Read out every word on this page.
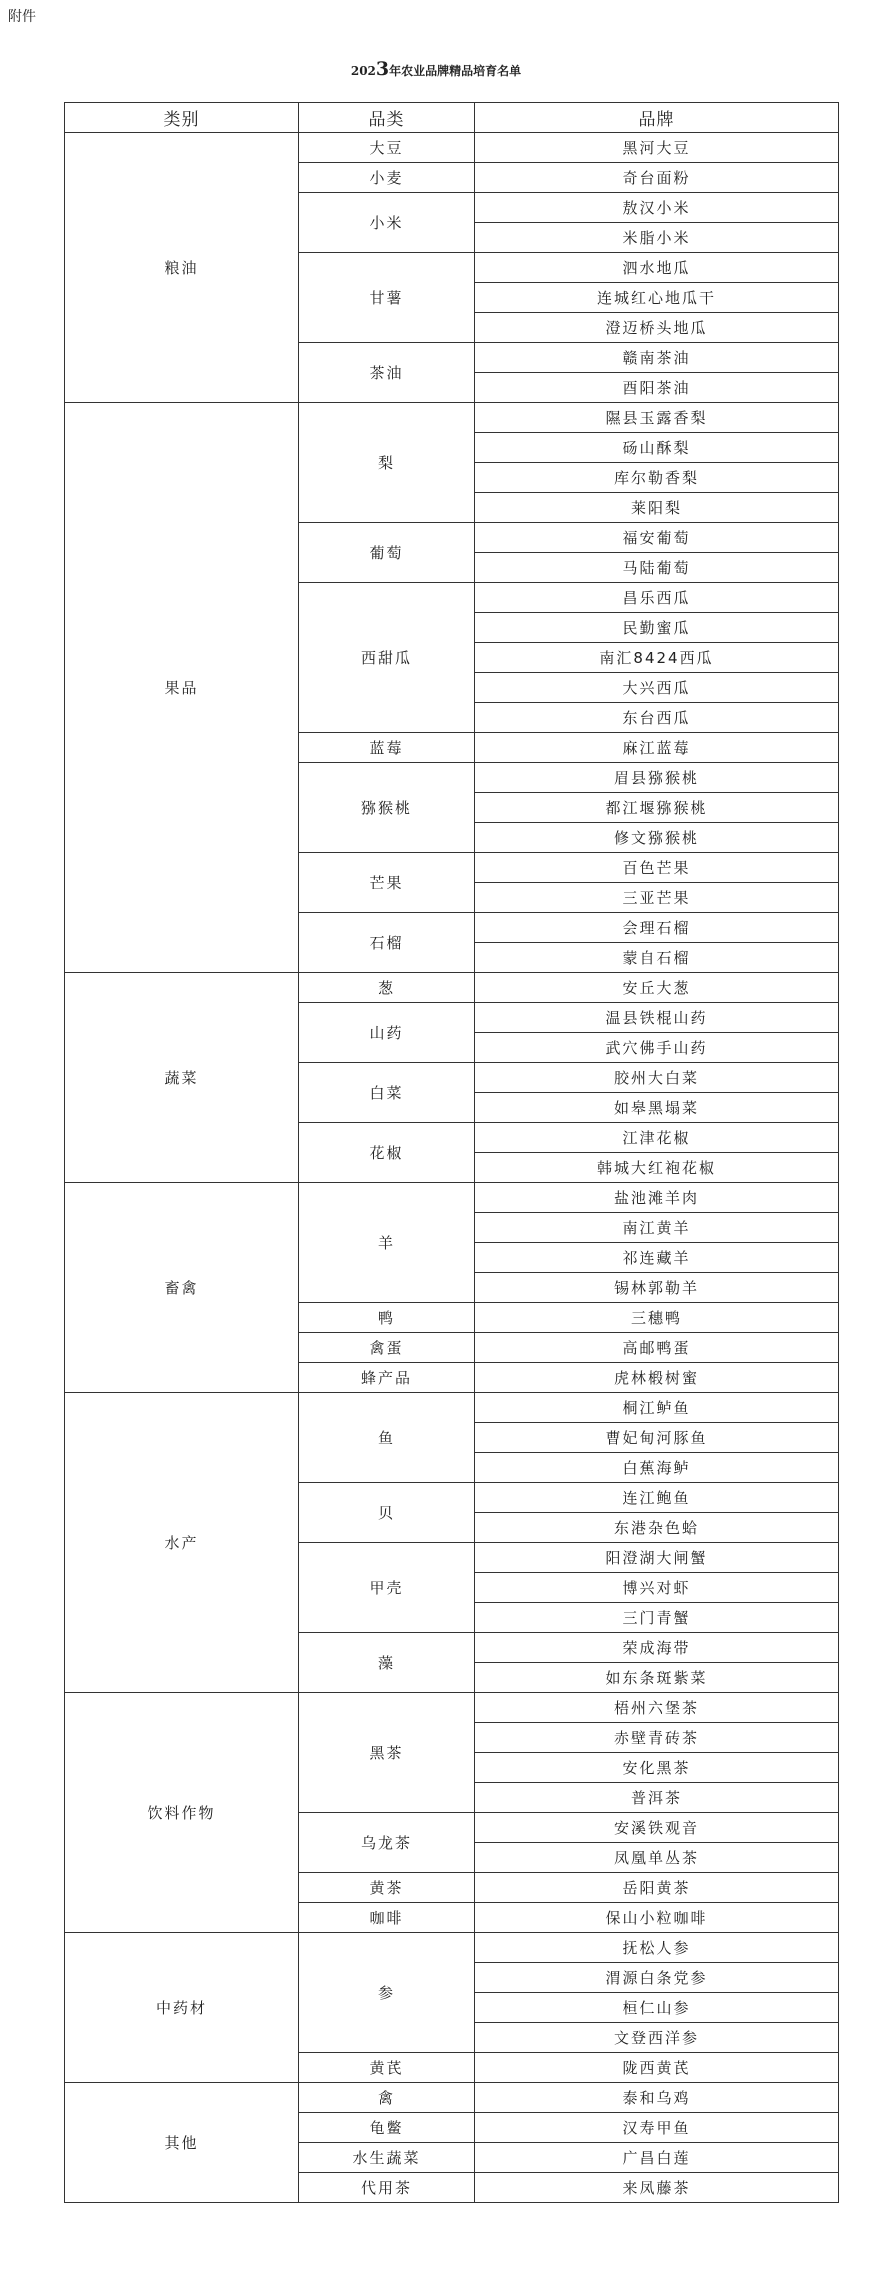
附件
2023年农业品牌精品培育名单
类别	品类	品牌
粮油	大豆	黑河大豆
	小麦	奇台面粉
	小米	敖汉小米
		米脂小米
	甘薯	泗水地瓜
		连城红心地瓜干
		澄迈桥头地瓜
	茶油	赣南茶油
		酉阳茶油
果品	梨	隰县玉露香梨
		砀山酥梨
		库尔勒香梨
		莱阳梨
	葡萄	福安葡萄
		马陆葡萄
	西甜瓜	昌乐西瓜
		民勤蜜瓜
		南汇8424西瓜
		大兴西瓜
		东台西瓜
	蓝莓	麻江蓝莓
	猕猴桃	眉县猕猴桃
		都江堰猕猴桃
		修文猕猴桃
	芒果	百色芒果
		三亚芒果
	石榴	会理石榴
		蒙自石榴
蔬菜	葱	安丘大葱
	山药	温县铁棍山药
		武穴佛手山药
	白菜	胶州大白菜
		如皋黑塌菜
	花椒	江津花椒
		韩城大红袍花椒
畜禽	羊	盐池滩羊肉
		南江黄羊
		祁连藏羊
		锡林郭勒羊
	鸭	三穗鸭
	禽蛋	高邮鸭蛋
	蜂产品	虎林椴树蜜
水产	鱼	桐江鲈鱼
		曹妃甸河豚鱼
		白蕉海鲈
	贝	连江鲍鱼
		东港杂色蛤
	甲壳	阳澄湖大闸蟹
		博兴对虾
		三门青蟹
	藻	荣成海带
		如东条斑紫菜
饮料作物	黑茶	梧州六堡茶
		赤壁青砖茶
		安化黑茶
		普洱茶
	乌龙茶	安溪铁观音
		凤凰单丛茶
	黄茶	岳阳黄茶
	咖啡	保山小粒咖啡
中药材	参	抚松人参
		渭源白条党参
		桓仁山参
		文登西洋参
	黄芪	陇西黄芪
其他	禽	泰和乌鸡
	龟鳖	汉寿甲鱼
	水生蔬菜	广昌白莲
	代用茶	来凤藤茶
